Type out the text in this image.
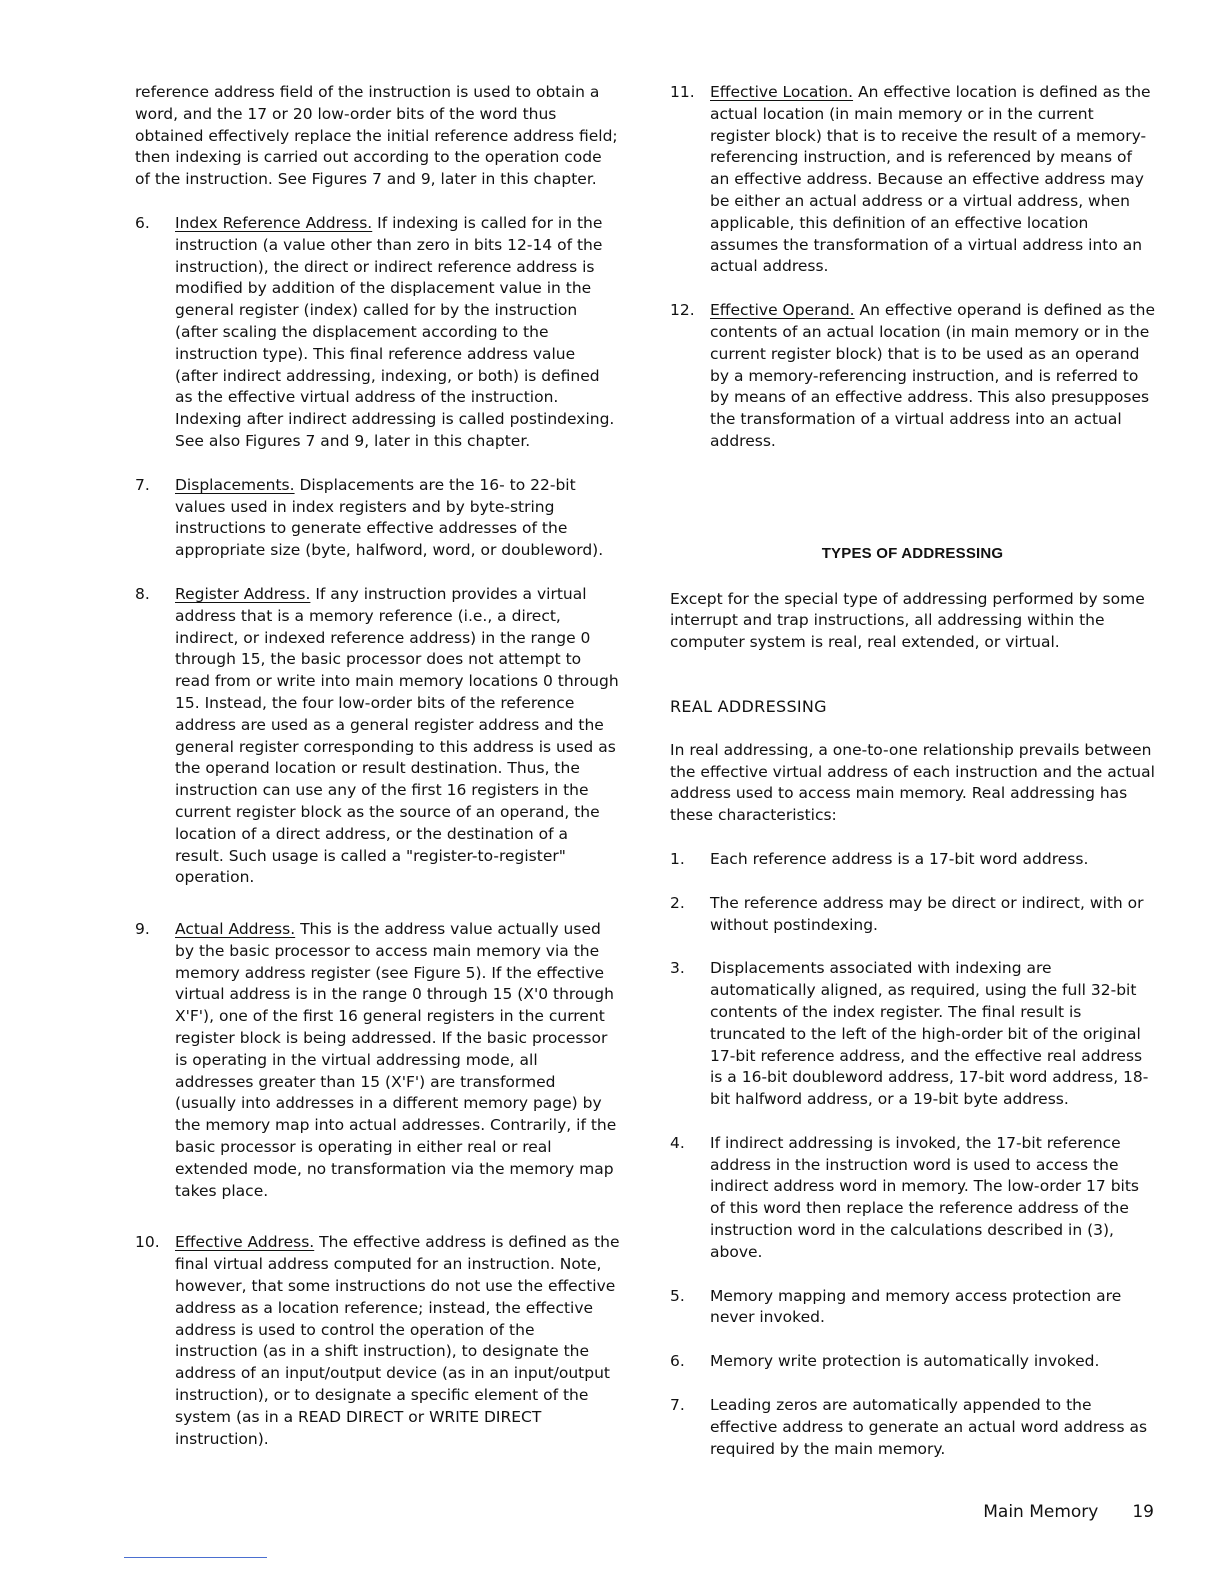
reference address field of the instruction is used to obtain a word, and the 17 or 20 low-order bits of the word thus obtained effectively replace the initial reference address field; then indexing is carried out according to the operation code of the instruction. See Figures 7 and 9, later in this chapter.

6. Index Reference Address. If indexing is called for in the instruction (a value other than zero in bits 12-14 of the instruction), the direct or indirect reference address is modified by addition of the displacement value in the general register (index) called for by the instruction (after scaling the displacement according to the instruction type). This final reference address value (after indirect addressing, indexing, or both) is defined as the effective virtual address of the instruction. Indexing after indirect addressing is called postindexing. See also Figures 7 and 9, later in this chapter.
7. Displacements. Displacements are the 16- to 22-bit values used in index registers and by byte-string instructions to generate effective addresses of the appropriate size (byte, halfword, word, or doubleword).
8. Register Address. If any instruction provides a virtual address that is a memory reference (i.e., a direct, indirect, or indexed reference address) in the range 0 through 15, the basic processor does not attempt to read from or write into main memory locations 0 through 15. Instead, the four low-order bits of the reference address are used as a general register address and the general register corresponding to this address is used as the operand location or result destination. Thus, the instruction can use any of the first 16 registers in the current register block as the source of an operand, the location of a direct address, or the destination of a result. Such usage is called a "register-to-register" operation.
9. Actual Address. This is the address value actually used by the basic processor to access main memory via the memory address register (see Figure 5). If the effective virtual address is in the range 0 through 15 (X'0 through X'F'), one of the first 16 general registers in the current register block is being addressed. If the basic processor is operating in the virtual addressing mode, all addresses greater than 15 (X'F') are transformed (usually into addresses in a different memory page) by the memory map into actual addresses. Contrarily, if the basic processor is operating in either real or real extended mode, no transformation via the memory map takes place.
10. Effective Address. The effective address is defined as the final virtual address computed for an instruction. Note, however, that some instructions do not use the effective address as a location reference; instead, the effective address is used to control the operation of the instruction (as in a shift instruction), to designate the address of an input/output device (as in an input/output instruction), or to designate a specific element of the system (as in a READ DIRECT or WRITE DIRECT instruction).
11. Effective Location. An effective location is defined as the actual location (in main memory or in the current register block) that is to receive the result of a memory-referencing instruction, and is referenced by means of an effective address. Because an effective address may be either an actual address or a virtual address, when applicable, this definition of an effective location assumes the transformation of a virtual address into an actual address.
12. Effective Operand. An effective operand is defined as the contents of an actual location (in main memory or in the current register block) that is to be used as an operand by a memory-referencing instruction, and is referred to by means of an effective address. This also presupposes the transformation of a virtual address into an actual address.
TYPES OF ADDRESSING

Except for the special type of addressing performed by some interrupt and trap instructions, all addressing within the computer system is real, real extended, or virtual.

REAL ADDRESSING

In real addressing, a one-to-one relationship prevails between the effective virtual address of each instruction and the actual address used to access main memory. Real addressing has these characteristics:

1. Each reference address is a 17-bit word address.
2. The reference address may be direct or indirect, with or without postindexing.
3. Displacements associated with indexing are automatically aligned, as required, using the full 32-bit contents of the index register. The final result is truncated to the left of the high-order bit of the original 17-bit reference address, and the effective real address is a 16-bit doubleword address, 17-bit word address, 18-bit halfword address, or a 19-bit byte address.
4. If indirect addressing is invoked, the 17-bit reference address in the instruction word is used to access the indirect address word in memory. The low-order 17 bits of this word then replace the reference address of the instruction word in the calculations described in (3), above.
5. Memory mapping and memory access protection are never invoked.
6. Memory write protection is automatically invoked.
7. Leading zeros are automatically appended to the effective address to generate an actual word address as required by the main memory.
Main Memory 19
